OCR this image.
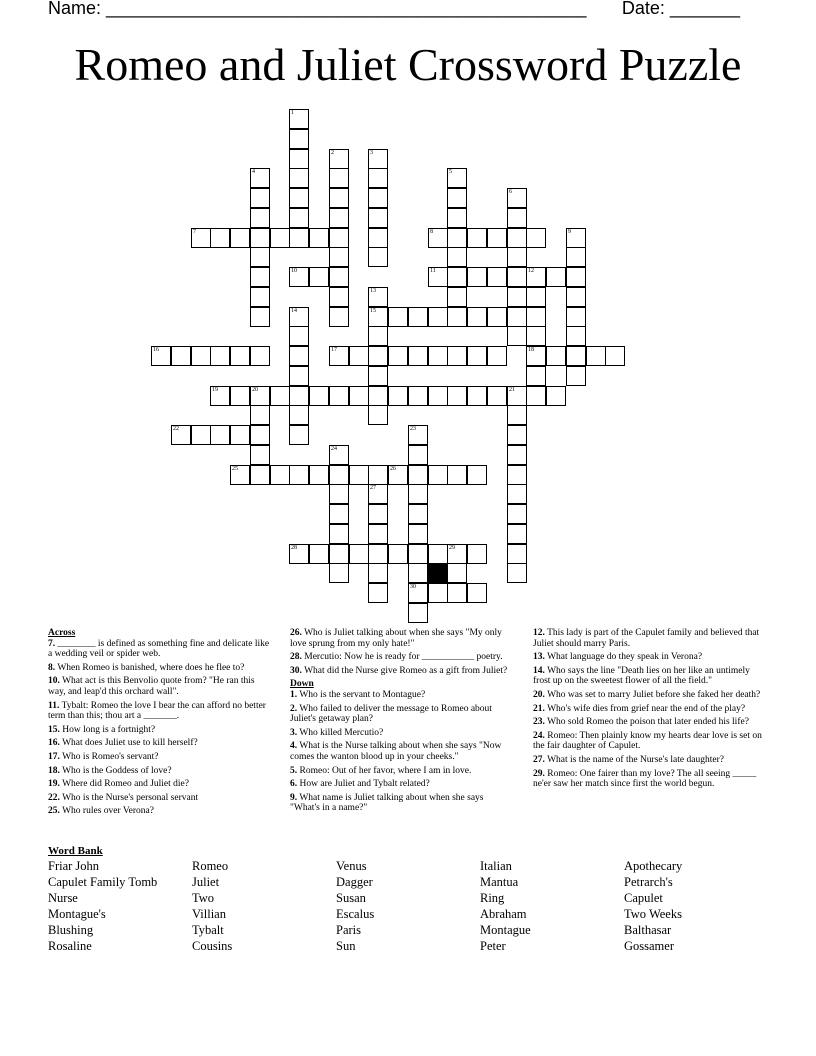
Name: ________________________________________________ Date: _______
Romeo and Juliet Crossword Puzzle
1
2	3
4	5
6
7	8	9
10	11	12
18
13
15
14
16	17
19	20	21
22	23
30
24
25	26
27
28	29
Across
7. ________ is defined as something fine and delicate like a wedding veil or spider web.
8. When Romeo is banished, where does he flee to?
10. What act is this Benvolio quote from? "He ran this way, and leap'd this orchard wall".
11. Tybalt: Romeo the love I bear the can afford no better term than this; thou art a _______.
15. How long is a fortnight?
16. What does Juliet use to kill herself?
17. Who is Romeo's servant?
18. Who is the Goddess of love?
19. Where did Romeo and Juliet die?
22. Who is the Nurse's personal servant
25. Who rules over Verona?
26. Who is Juliet talking about when she says "My only love sprung from my only hate!"
28. Mercutio: Now he is ready for ___________ poetry.
30. What did the Nurse give Romeo as a gift from Juliet?
Down
1. Who is the servant to Montague?
2. Who failed to deliver the message to Romeo about Juliet's getaway plan?
3. Who killed Mercutio?
4. What is the Nurse talking about when she says "Now comes the wanton blood up in your cheeks."
5. Romeo: Out of her favor, where I am in love.
6. How are Juliet and Tybalt related?
9. What name is Juliet talking about when she says "What's in a name?"
12. This lady is part of the Capulet family and believed that Juliet should marry Paris.
13. What language do they speak in Verona?
14. Who says the line "Death lies on her like an untimely frost up on the sweetest flower of all the field."
20. Who was set to marry Juliet before she faked her death?
21. Who's wife dies from grief near the end of the play?
23. Who sold Romeo the poison that later ended his life?
24. Romeo: Then plainly know my hearts dear love is set on the fair daughter of Capulet.
27. What is the name of the Nurse's late daughter?
29. Romeo: One fairer than my love? The all seeing _____ ne'er saw her match since first the world begun.
Word Bank
Friar John	Romeo	Venus	Italian	Apothecary
Capulet Family Tomb	Juliet	Dagger	Mantua	Petrarch's
Nurse	Two	Susan	Ring	Capulet
Montague's	Villian	Escalus	Abraham	Two Weeks
Blushing	Tybalt	Paris	Montague	Balthasar
Rosaline	Cousins	Sun	Peter	Gossamer
